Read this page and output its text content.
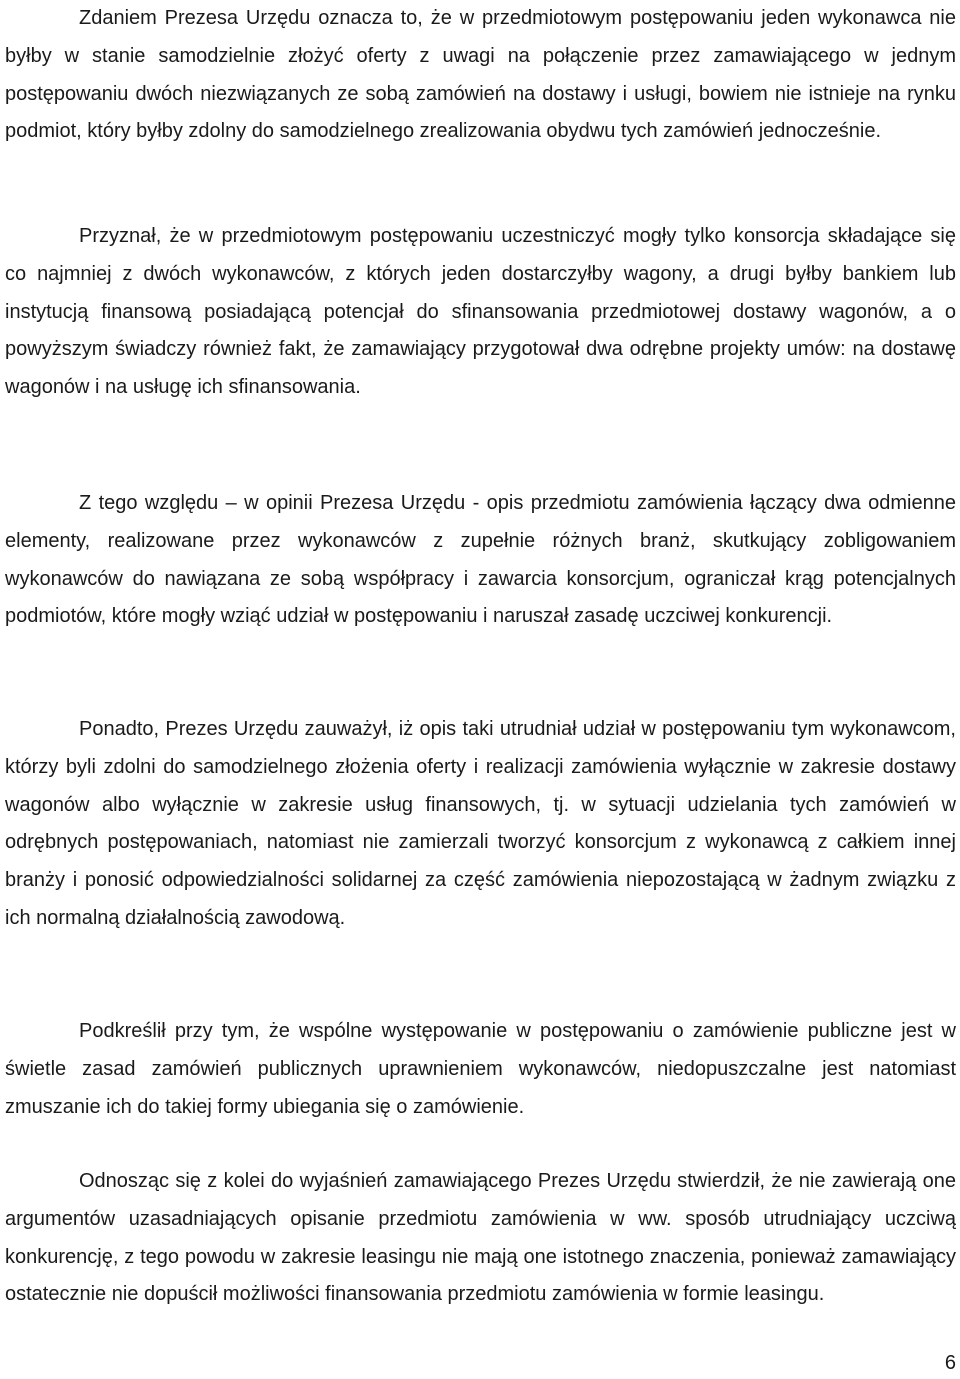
Zdaniem Prezesa Urzędu oznacza to, że w przedmiotowym postępowaniu jeden wykonawca nie byłby w stanie samodzielnie złożyć oferty z uwagi na połączenie przez zamawiającego w jednym postępowaniu dwóch niezwiązanych ze sobą zamówień na dostawy i usługi, bowiem nie istnieje na rynku podmiot, który byłby zdolny do samodzielnego zrealizowania obydwu tych zamówień jednocześnie.

Przyznał, że w przedmiotowym postępowaniu uczestniczyć mogły tylko konsorcja składające się co najmniej z dwóch wykonawców, z których jeden dostarczyłby wagony, a drugi byłby bankiem lub instytucją finansową posiadającą potencjał do sfinansowania przedmiotowej dostawy wagonów, a o powyższym świadczy również fakt, że zamawiający przygotował dwa odrębne projekty umów: na dostawę wagonów i na usługę ich sfinansowania.

Z tego względu – w opinii Prezesa Urzędu - opis przedmiotu zamówienia łączący dwa odmienne elementy, realizowane przez wykonawców z zupełnie różnych branż, skutkujący zobligowaniem wykonawców do nawiązana ze sobą współpracy i zawarcia konsorcjum, ograniczał krąg potencjalnych podmiotów, które mogły wziąć udział w postępowaniu i naruszał zasadę uczciwej konkurencji.

Ponadto, Prezes Urzędu zauważył, iż opis taki utrudniał udział w postępowaniu tym wykonawcom, którzy byli zdolni do samodzielnego złożenia oferty i realizacji zamówienia wyłącznie w zakresie dostawy wagonów albo wyłącznie w zakresie usług finansowych, tj. w sytuacji udzielania tych zamówień w odrębnych postępowaniach, natomiast nie zamierzali tworzyć konsorcjum z wykonawcą z całkiem innej branży i ponosić odpowiedzialności solidarnej za część zamówienia niepozostającą w żadnym związku z ich normalną działalnością zawodową.

Podkreślił przy tym, że wspólne występowanie w postępowaniu o zamówienie publiczne jest w świetle zasad zamówień publicznych uprawnieniem wykonawców, niedopuszczalne jest natomiast zmuszanie ich do takiej formy ubiegania się o zamówienie.

Odnosząc się z kolei do wyjaśnień zamawiającego Prezes Urzędu stwierdził, że nie zawierają one argumentów uzasadniających opisanie przedmiotu zamówienia w ww. sposób utrudniający uczciwą konkurencję, z tego powodu w zakresie leasingu nie mają one istotnego znaczenia, ponieważ zamawiający ostatecznie nie dopuścił możliwości finansowania przedmiotu zamówienia w formie leasingu.

6
